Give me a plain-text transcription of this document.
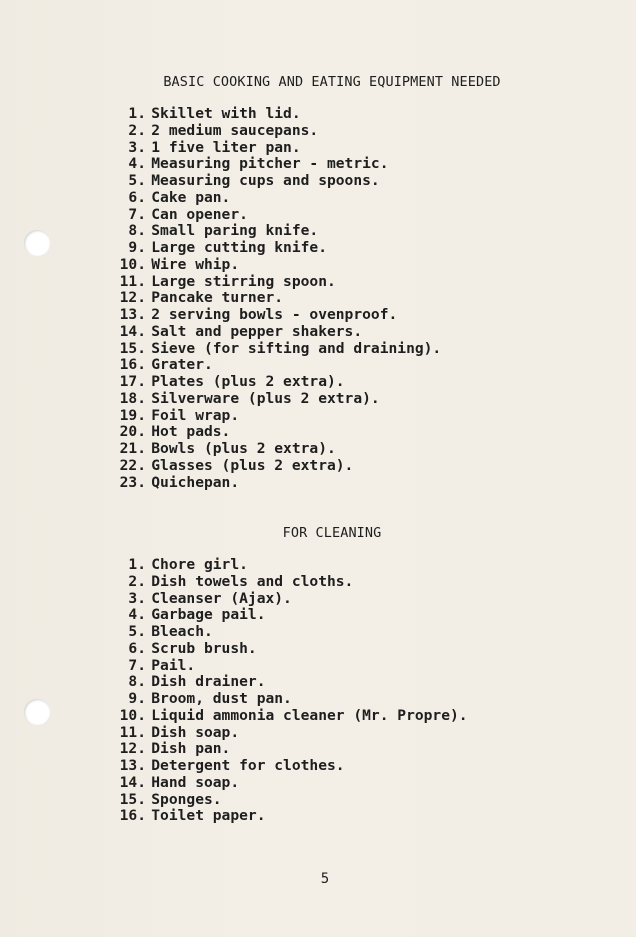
BASIC COOKING AND EATING EQUIPMENT NEEDED
1. Skillet with lid.
2. 2 medium saucepans.
3. 1 five liter pan.
4. Measuring pitcher - metric.
5. Measuring cups and spoons.
6. Cake pan.
7. Can opener.
8. Small paring knife.
9. Large cutting knife.
10. Wire whip.
11. Large stirring spoon.
12. Pancake turner.
13. 2 serving bowls - ovenproof.
14. Salt and pepper shakers.
15. Sieve (for sifting and draining).
16. Grater.
17. Plates (plus 2 extra).
18. Silverware (plus 2 extra).
19. Foil wrap.
20. Hot pads.
21. Bowls (plus 2 extra).
22. Glasses (plus 2 extra).
23. Quichepan.
FOR CLEANING
1. Chore girl.
2. Dish towels and cloths.
3. Cleanser (Ajax).
4. Garbage pail.
5. Bleach.
6. Scrub brush.
7. Pail.
8. Dish drainer.
9. Broom, dust pan.
10. Liquid ammonia cleaner (Mr. Propre).
11. Dish soap.
12. Dish pan.
13. Detergent for clothes.
14. Hand soap.
15. Sponges.
16. Toilet paper.
5
